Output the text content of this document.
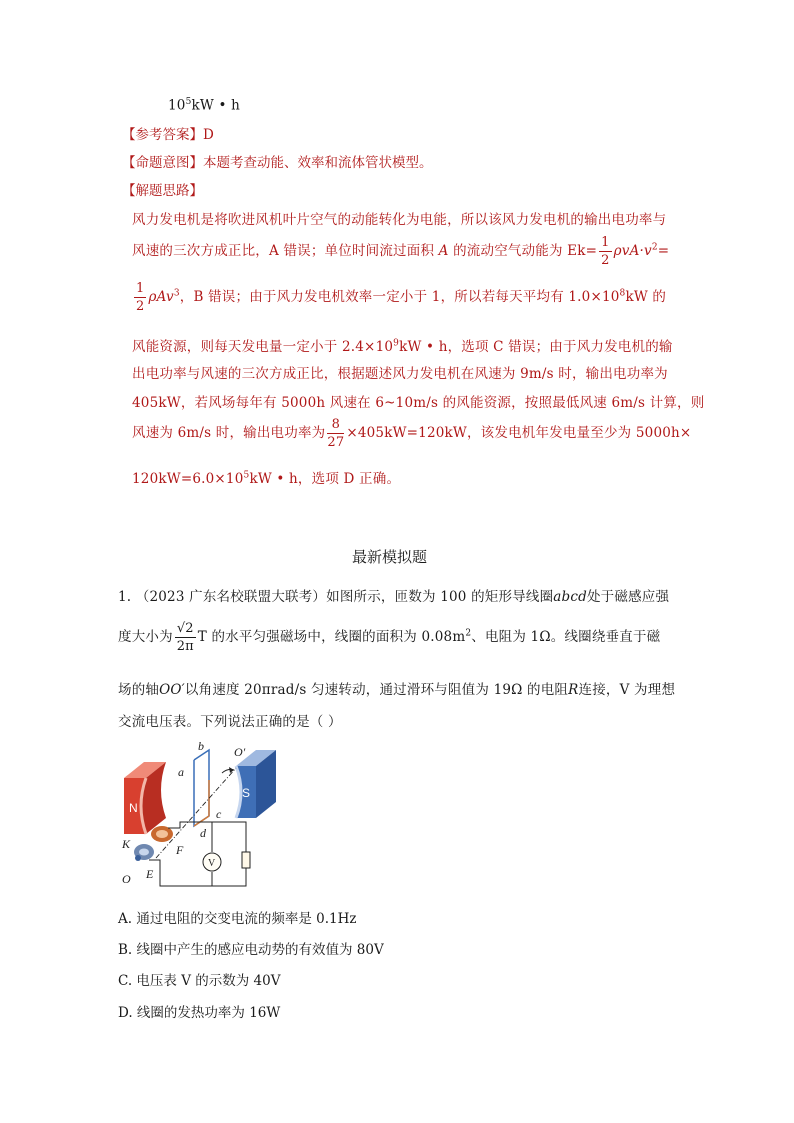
$10^5kW$ • h
【参考答案】D
【命题意图】本题考查动能、效率和流体管状模型。
【解题思路】
风力发电机是将吹进风机叶片空气的动能转化为电能，所以该风力发电机的输出电功率与
风速的三次方成正比，A 错误；单位时间流过面积 A 的流动空气动能为 $Ek= \frac{1}{2} \rho vA\cdot v^2=$
$\frac{1}{2} \rho Av^3$，B 错误；由于风力发电机效率一定小于 1，所以若每天平均有 $1.0\times 10^8kW$ 的
风能资源，则每天发电量一定小于 $2.4\times 10^9kW$ • h，选项 C 错误；由于风力发电机的输
出电功率与风速的三次方成正比，根据题述风力发电机在风速为 9m/s 时，输出电功率为
405kW，若风场每年有 5000h 风速在 6~10m/s 的风能资源，按照最低风速 6m/s 计算，则
风速为 6m/s 时，输出电功率为 $\frac{8}{27} \times 405kW=120kW$，该发电机年发电量至少为 5000h×
$120kW=6.0\times 10^5kW$ • h，选项 D 正确。
最新模拟题
1. （2023 广东名校联盟大联考）如图所示，匝数为 100 的矩形导线圈abcd处于磁感应强
度大小为 $\frac{√2}{2\pi}$ T 的水平匀强磁场中，线圈的面积为 $0.08m^2$、电阻为 1Ω。线圈绕垂直于磁
场的轴OO′以角速度 20πrad/s 匀速转动，通过滑环与阻值为 19Ω 的电阻R连接，V 为理想
交流电压表。下列说法正确的是（ ）
N
S
V
b
a
c
d
O′
K	F
E
O
A. 通过电阻的交变电流的频率是 0.1Hz
B. 线圈中产生的感应电动势的有效值为 80V
C. 电压表 V 的示数为 40V
D. 线圈的发热功率为 16W
